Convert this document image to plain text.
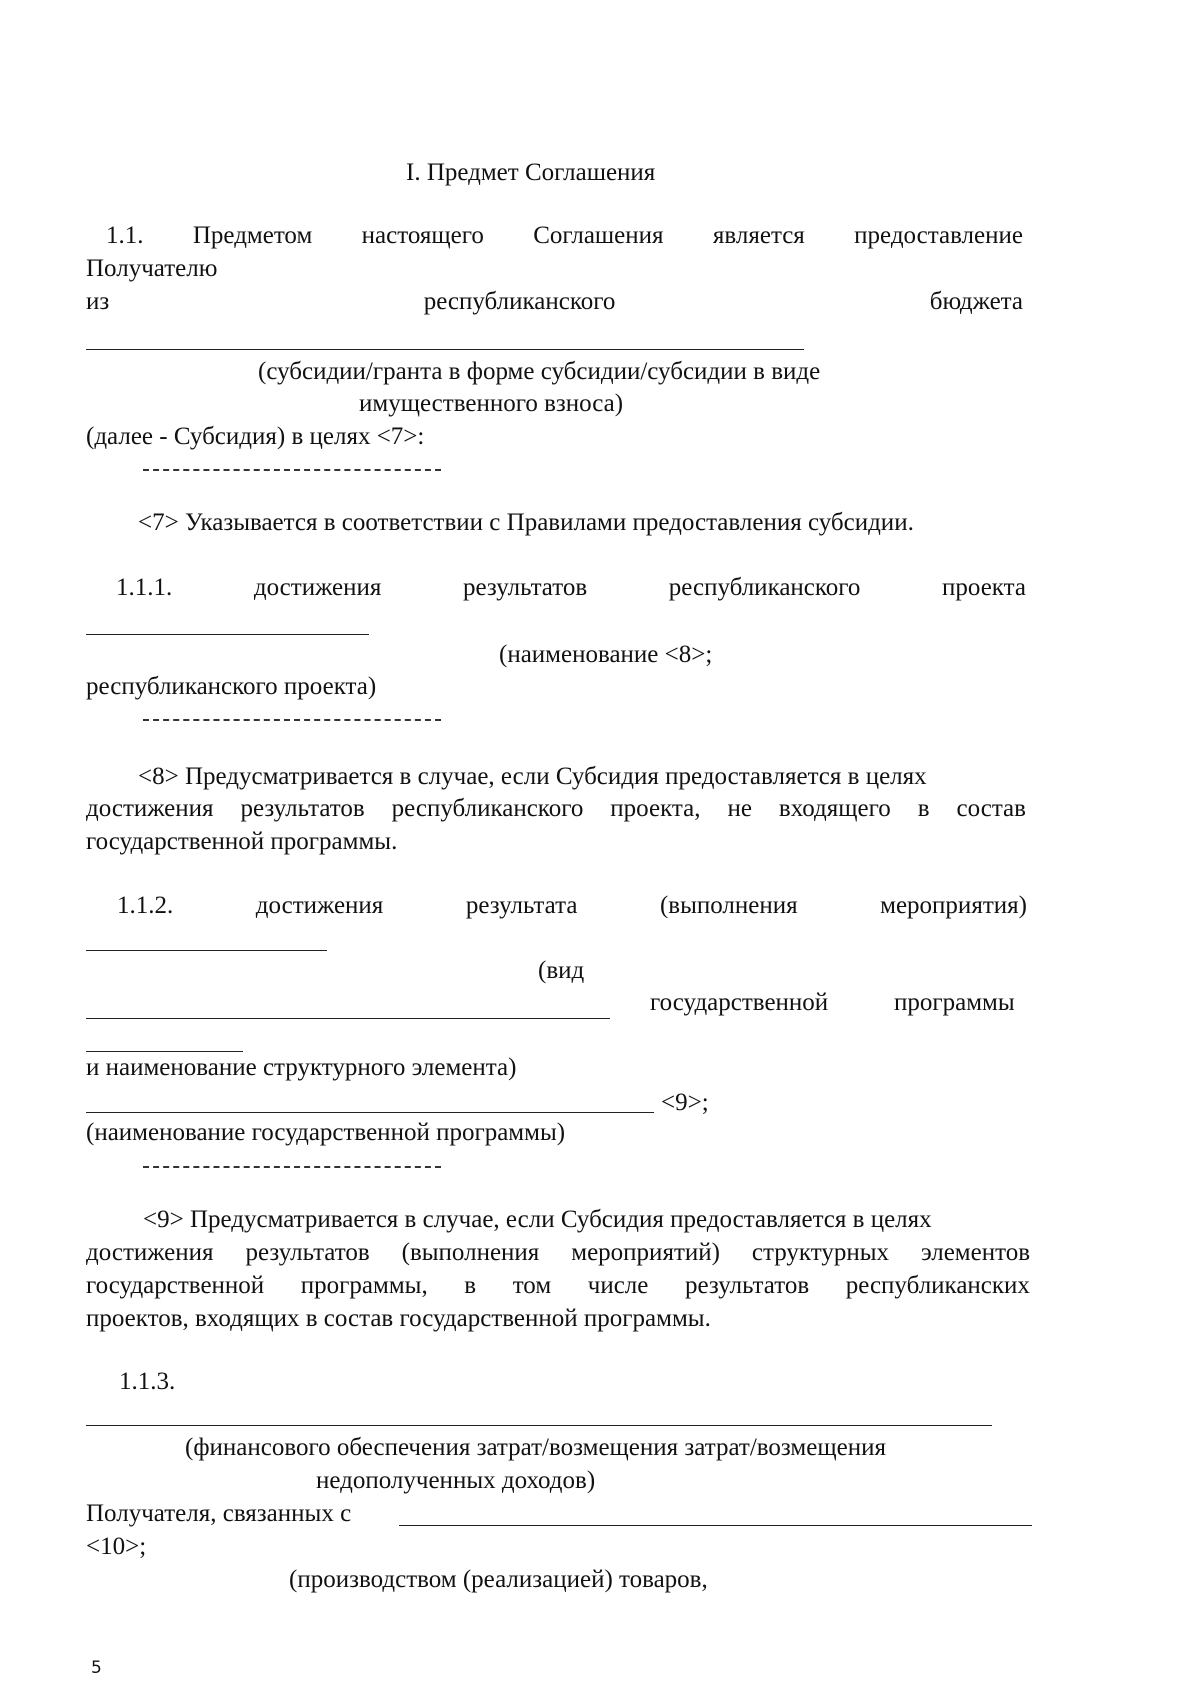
I. Предмет Соглашения
1.1. Предметом настоящего Соглашения является предоставление
Получателю
из	республиканского	бюджета
(субсидии/гранта в форме субсидии/субсидии в виде
имущественного взноса)
(далее - Субсидия) в целях <7>:
<7> Указывается в соответствии с Правилами предоставления субсидии.
1.1.1.	достижения	результатов	республиканского	проекта
(наименование <8>;
республиканского проекта)
<8> Предусматривается в случае, если Субсидия предоставляется в целях
достижения результатов республиканского проекта, не входящего в состав
государственной программы.
1.1.2.	достижения	результата	(выполнения	мероприятия)
(вид
государственной	программы
и наименование структурного элемента)
<9>;
(наименование государственной программы)
<9> Предусматривается в случае, если Субсидия предоставляется в целях
достижения результатов (выполнения мероприятий) структурных элементов
государственной программы, в том числе результатов республиканских
проектов, входящих в состав государственной программы.
1.1.3.
(финансового обеспечения затрат/возмещения затрат/возмещения
недополученных доходов)
Получателя, связанных с
<10>;
(производством (реализацией) товаров,
5
